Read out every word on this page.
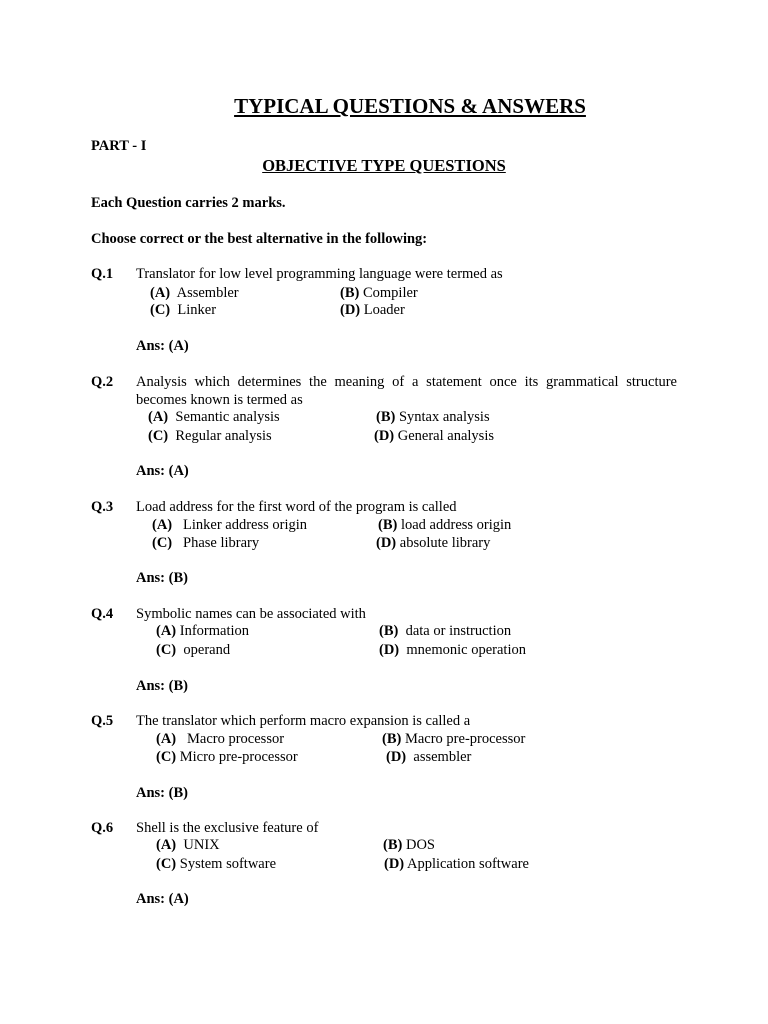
TYPICAL QUESTIONS & ANSWERS
PART - I
OBJECTIVE TYPE QUESTIONS
Each Question carries 2 marks.
Choose correct or the best alternative in the following:
Q.1 Translator for low level programming language were termed as
(A) Assembler	(B) Compiler
(C) Linker	(D) Loader
Ans: (A)
Q.2 Analysis which determines the meaning of a statement once its grammatical structure becomes known is termed as
(A) Semantic analysis	(B) Syntax analysis
(C) Regular analysis	(D) General analysis
Ans: (A)
Q.3 Load address for the first word of the program is called
(A) Linker address origin	(B) load address origin
(C) Phase library	(D) absolute library
Ans: (B)
Q.4 Symbolic names can be associated with
(A) Information	(B) data or instruction
(C) operand	(D) mnemonic operation
Ans: (B)
Q.5 The translator which perform macro expansion is called a
(A) Macro processor	(B) Macro pre-processor
(C) Micro pre-processor	(D) assembler
Ans: (B)
Q.6 Shell is the exclusive feature of
(A) UNIX	(B) DOS
(C) System software	(D) Application software
Ans: (A)
